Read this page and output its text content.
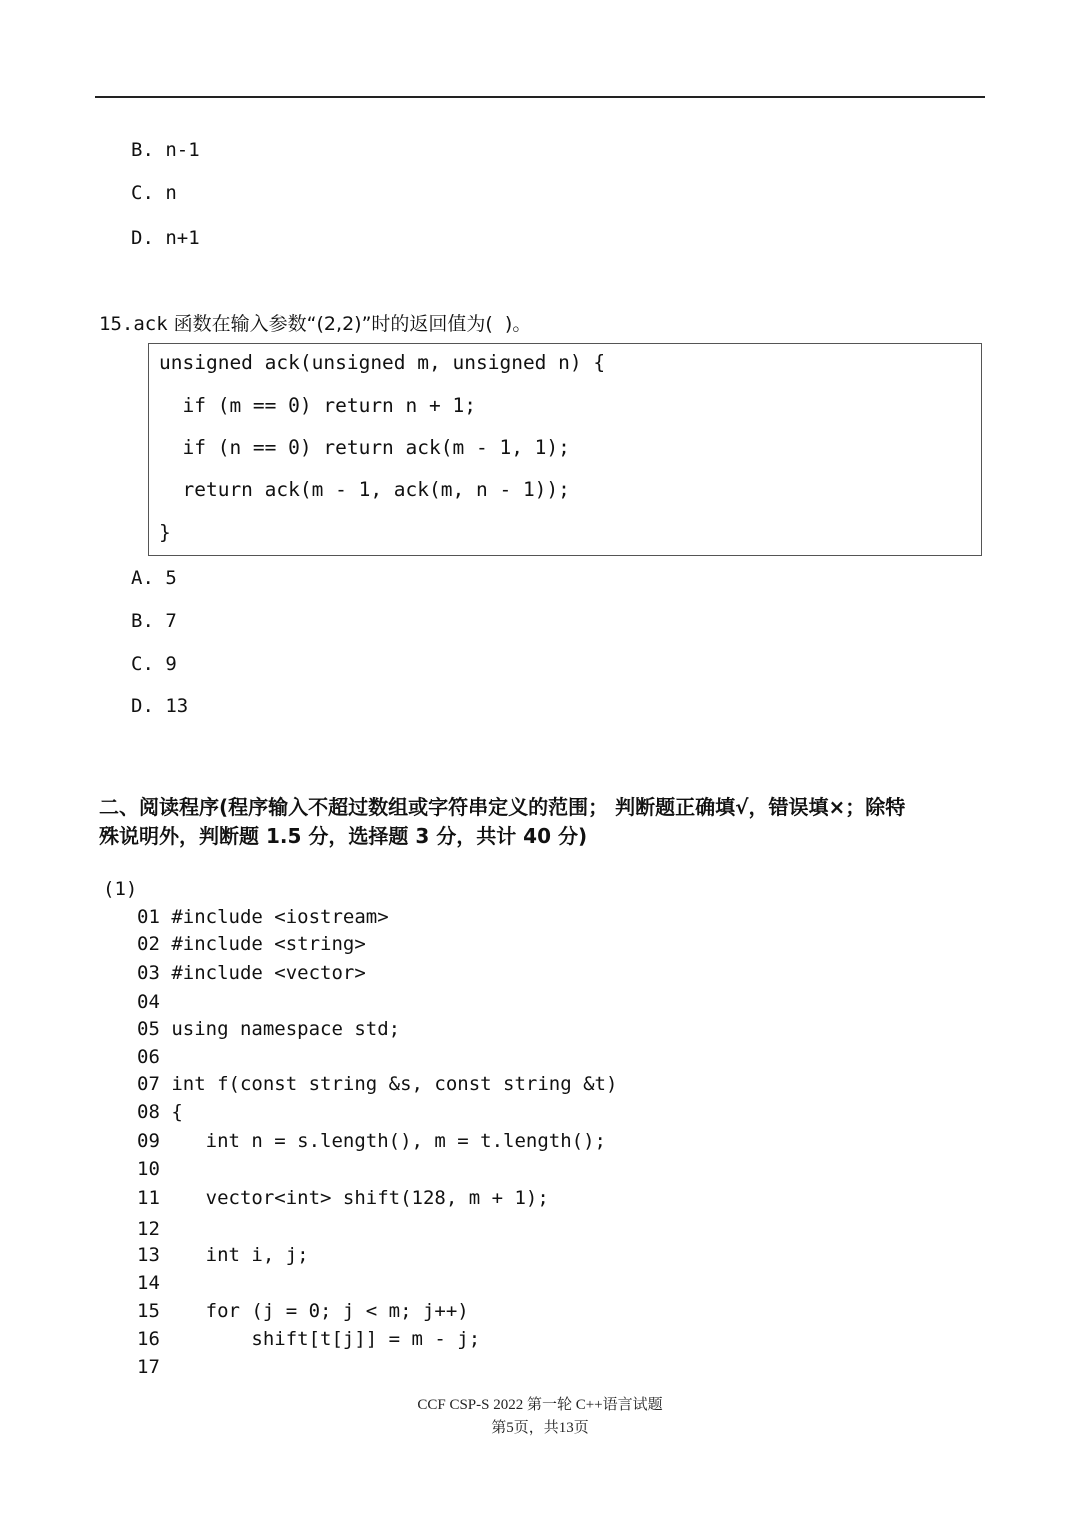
B. n-1
C. n
D. n+1
15.ack 函数在输入参数“(2,2)”时的返回值为(  )。
unsigned ack(unsigned m, unsigned n) {
if (m == 0) return n + 1;
if (n == 0) return ack(m - 1, 1);
return ack(m - 1, ack(m, n - 1));
}
A. 5
B. 7
C. 9
D. 13
二、阅读程序(程序输入不超过数组或字符串定义的范围； 判断题正确填√，错误填×；除特
殊说明外，判断题 1.5 分，选择题 3 分，共计 40 分)
(1)
01 #include <iostream>
02 #include <string>
03 #include <vector>
04
05 using namespace std;
06
07 int f(const string &s, const string &t)
08 {
09    int n = s.length(), m = t.length();
10
11    vector<int> shift(128, m + 1);
12
13    int i, j;
14
15    for (j = 0; j < m; j++)
16        shift[t[j]] = m - j;
17
CCF CSP-S 2022 第一轮 C++语言试题
第5页，共13页
